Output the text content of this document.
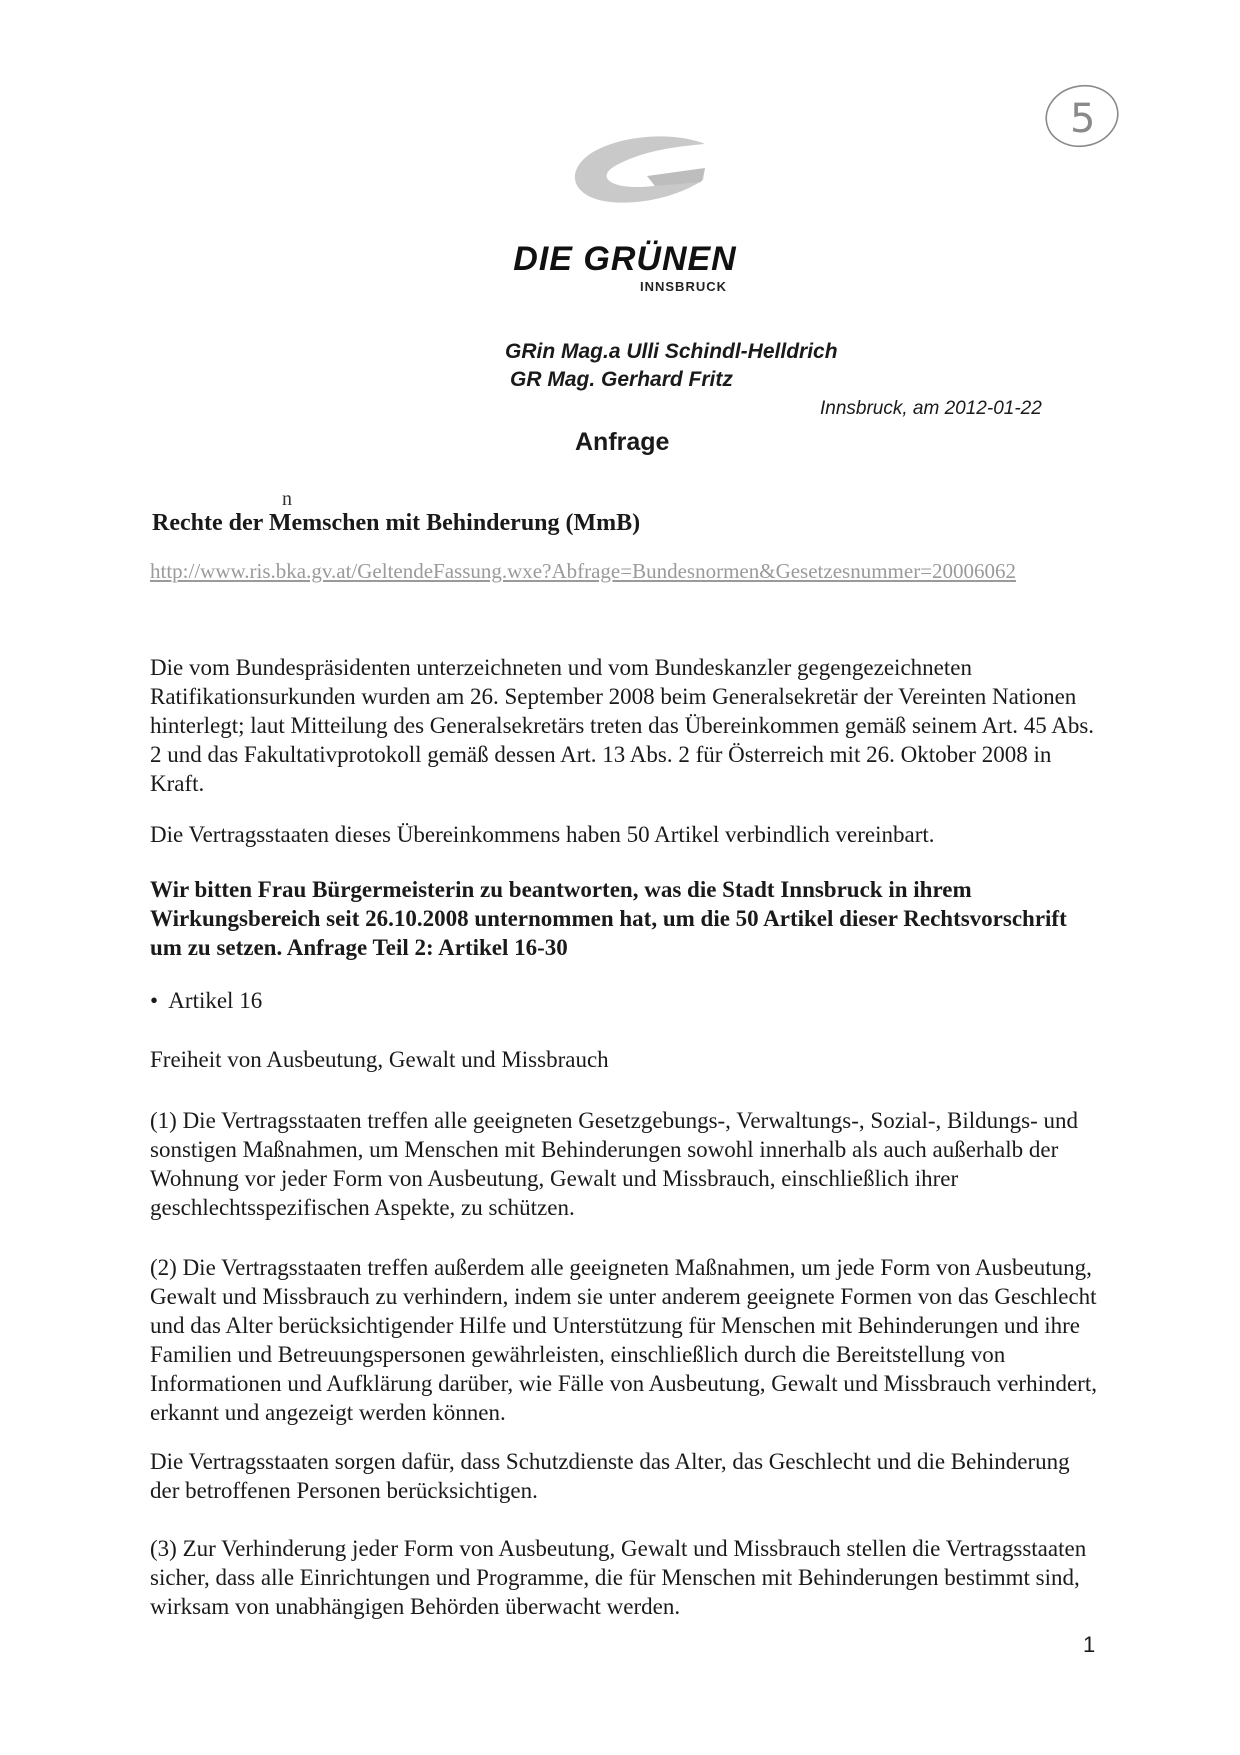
DIE GRÜNEN
INNSBRUCK
5
GRin Mag.a Ulli Schindl-Helldrich
GR Mag. Gerhard Fritz
Innsbruck, am 2012-01-22
Anfrage
n
Rechte der Memschen mit Behinderung (MmB)
http://www.ris.bka.gv.at/GeltendeFassung.wxe?Abfrage=Bundesnormen&Gesetzesnummer=20006062

Die vom Bundespräsidenten unterzeichneten und vom Bundeskanzler gegengezeichneten Ratifikationsurkunden wurden am 26. September 2008 beim Generalsekretär der Vereinten Nationen hinterlegt; laut Mitteilung des Generalsekretärs treten das Übereinkommen gemäß seinem Art. 45 Abs. 2 und das Fakultativprotokoll gemäß dessen Art. 13 Abs. 2 für Österreich mit 26. Oktober 2008 in Kraft.

Die Vertragsstaaten dieses Übereinkommens haben 50 Artikel verbindlich vereinbart.

Wir bitten Frau Bürgermeisterin zu beantworten, was die Stadt Innsbruck in ihrem Wirkungsbereich seit 26.10.2008 unternommen hat, um die 50 Artikel dieser Rechtsvorschrift um zu setzen. Anfrage Teil 2: Artikel 16-30

• Artikel 16
Freiheit von Ausbeutung, Gewalt und Missbrauch

(1) Die Vertragsstaaten treffen alle geeigneten Gesetzgebungs-, Verwaltungs-, Sozial-, Bildungs- und sonstigen Maßnahmen, um Menschen mit Behinderungen sowohl innerhalb als auch außerhalb der Wohnung vor jeder Form von Ausbeutung, Gewalt und Missbrauch, einschließlich ihrer geschlechtsspezifischen Aspekte, zu schützen.

(2) Die Vertragsstaaten treffen außerdem alle geeigneten Maßnahmen, um jede Form von Ausbeutung, Gewalt und Missbrauch zu verhindern, indem sie unter anderem geeignete Formen von das Geschlecht und das Alter berücksichtigender Hilfe und Unterstützung für Menschen mit Behinderungen und ihre Familien und Betreuungspersonen gewährleisten, einschließlich durch die Bereitstellung von Informationen und Aufklärung darüber, wie Fälle von Ausbeutung, Gewalt und Missbrauch verhindert, erkannt und angezeigt werden können.

Die Vertragsstaaten sorgen dafür, dass Schutzdienste das Alter, das Geschlecht und die Behinderung der betroffenen Personen berücksichtigen.

(3) Zur Verhinderung jeder Form von Ausbeutung, Gewalt und Missbrauch stellen die Vertragsstaaten sicher, dass alle Einrichtungen und Programme, die für Menschen mit Behinderungen bestimmt sind, wirksam von unabhängigen Behörden überwacht werden.

1
